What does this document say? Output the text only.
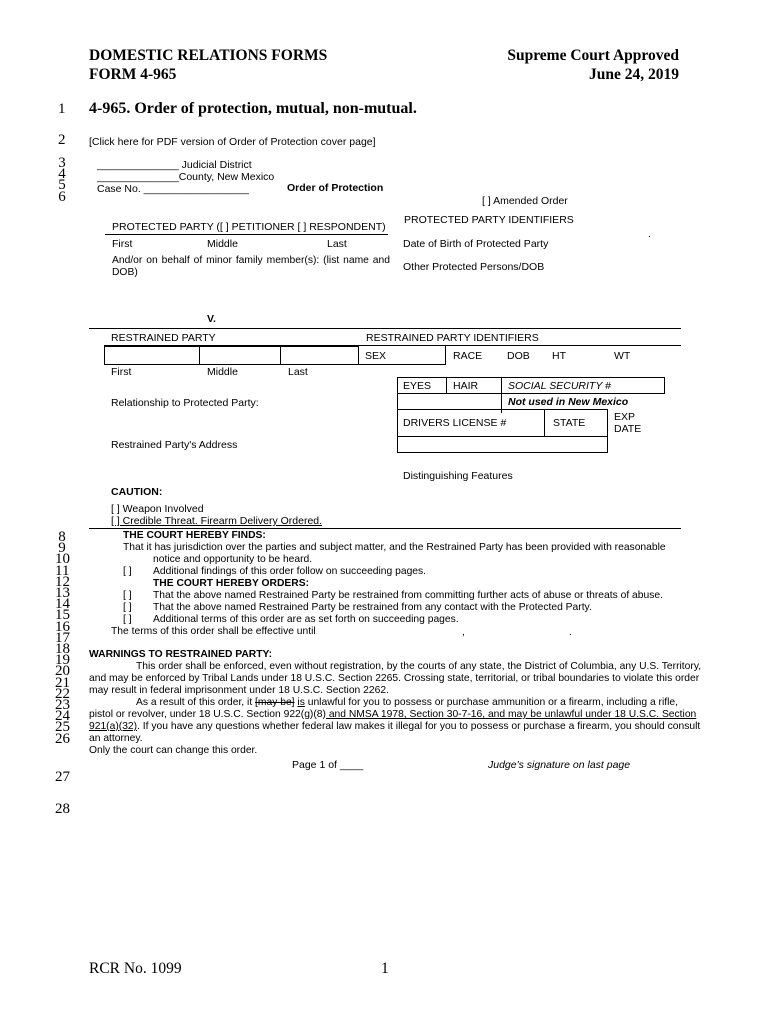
DOMESTIC RELATIONS FORMS
FORM 4-965
Supreme Court Approved
June 24, 2019
1
2
3
4
5
6
8
9
10
11
12
13
14
15
16
17
18
19
20
21
22
23
24
25
26
27
28
4-965. Order of protection, mutual, non-mutual.
[Click here for PDF version of Order of Protection cover page]
______________ Judicial District
______________County, New Mexico
Case No. __________________	Order of Protection
[ ] Amended Order
PROTECTED PARTY ([ ] PETITIONER [ ] RESPONDENT)
PROTECTED PARTY IDENTIFIERS
.
First	Middle	Last	Date of Birth of Protected Party
And/or on behalf of minor family member(s): (list name and DOB)	Other Protected Persons/DOB
V.
RESTRAINED PARTY	RESTRAINED PARTY IDENTIFIERS
SEX	RACE DOB HT	WT
First	Middle	Last
EYES HAIR	SOCIAL SECURITY #
Not used in New Mexico
Relationship to Protected Party:
DRIVERS LICENSE #	STATE	EXP
DATE
Restrained Party's Address
Distinguishing Features
CAUTION:
[ ] Weapon Involved
[ ] Credible Threat. Firearm Delivery Ordered.
THE COURT HEREBY FINDS:
That it has jurisdiction over the parties and subject matter, and the Restrained Party has been provided with reasonable
notice and opportunity to be heard.
[ ] Additional findings of this order follow on succeeding pages.
THE COURT HEREBY ORDERS:
[ ] That the above named Restrained Party be restrained from committing further acts of abuse or threats of abuse.
[ ] That the above named Restrained Party be restrained from any contact with the Protected Party.
[ ] Additional terms of this order are as set forth on succeeding pages.
The terms of this order shall be effective until	,	.
WARNINGS TO RESTRAINED PARTY:
This order shall be enforced, even without registration, by the courts of any state, the District of Columbia, any U.S. Territory,
and may be enforced by Tribal Lands under 18 U.S.C. Section 2265. Crossing state, territorial, or tribal boundaries to violate this order
may result in federal imprisonment under 18 U.S.C. Section 2262.
As a result of this order, it [may be] is unlawful for you to possess or purchase ammunition or a firearm, including a rifle,
pistol or revolver, under 18 U.S.C. Section 922(g)(8) and NMSA 1978, Section 30-7-16, and may be unlawful under 18 U.S.C. Section
921(a)(32). If you have any questions whether federal law makes it illegal for you to possess or purchase a firearm, you should consult
an attorney.
Only the court can change this order.
Page 1 of ____	Judge's signature on last page
RCR No. 1099	1
